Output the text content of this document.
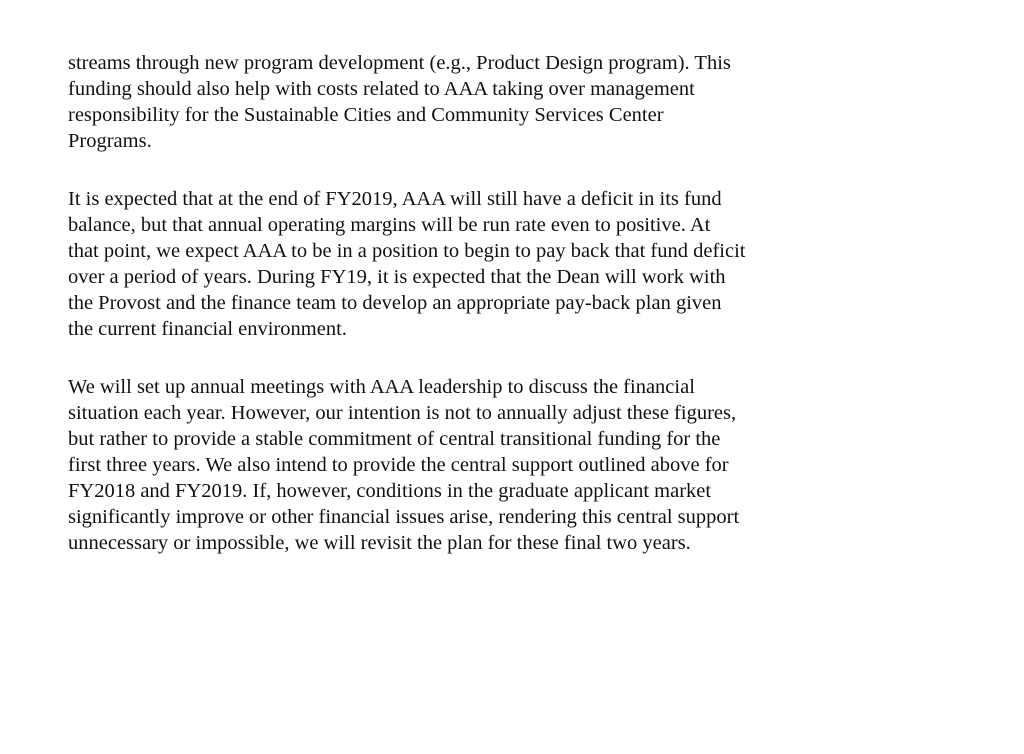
streams through new program development (e.g., Product Design program). This
funding should also help with costs related to AAA taking over management
responsibility for the Sustainable Cities and Community Services Center
Programs.

It is expected that at the end of FY2019, AAA will still have a deficit in its fund
balance, but that annual operating margins will be run rate even to positive. At
that point, we expect AAA to be in a position to begin to pay back that fund deficit
over a period of years. During FY19, it is expected that the Dean will work with
the Provost and the finance team to develop an appropriate pay-back plan given
the current financial environment.

We will set up annual meetings with AAA leadership to discuss the financial
situation each year. However, our intention is not to annually adjust these figures,
but rather to provide a stable commitment of central transitional funding for the
first three years. We also intend to provide the central support outlined above for
FY2018 and FY2019. If, however, conditions in the graduate applicant market
significantly improve or other financial issues arise, rendering this central support
unnecessary or impossible, we will revisit the plan for these final two years.
